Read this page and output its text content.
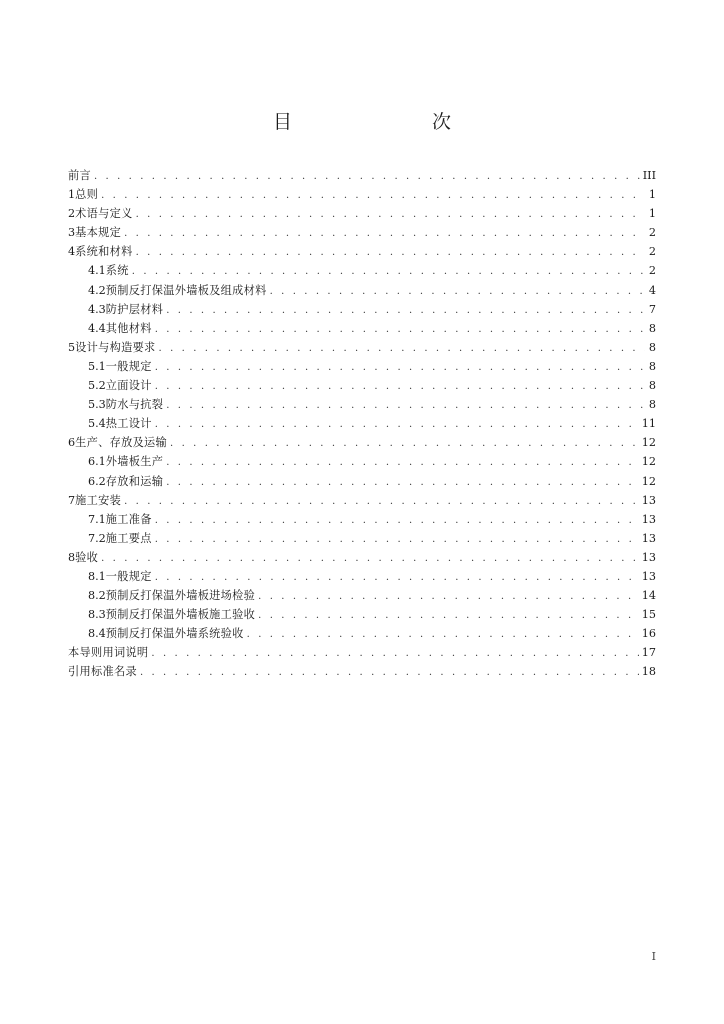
目　　次
前言 . . .	III
1 总则 . . .	1
2 术语与定义 . . .	1
3 基本规定 . . .	2
4 系统和材料 . . .	2
4.1 系统 . . .	2
4.2 预制反打保温外墙板及组成材料 . . .	4
4.3 防护层材料 . . .	7
4.4 其他材料 . . .	8
5 设计与构造要求 . . .	8
5.1 一般规定 . . .	8
5.2 立面设计 . . .	8
5.3 防水与抗裂 . . .	8
5.4 热工设计 . . .	11
6 生产、存放及运输 . . .	12
6.1 外墙板生产 . . .	12
6.2 存放和运输 . . .	12
7 施工安装 . . .	13
7.1 施工准备 . . .	13
7.2 施工要点 . . .	13
8 验收 . . .	13
8.1 一般规定 . . .	13
8.2 预制反打保温外墙板进场检验 . . .	14
8.3 预制反打保温外墙板施工验收 . . .	15
8.4 预制反打保温外墙系统验收 . . .	16
本导则用词说明 . . .	17
引用标准名录 . . .	18
I
